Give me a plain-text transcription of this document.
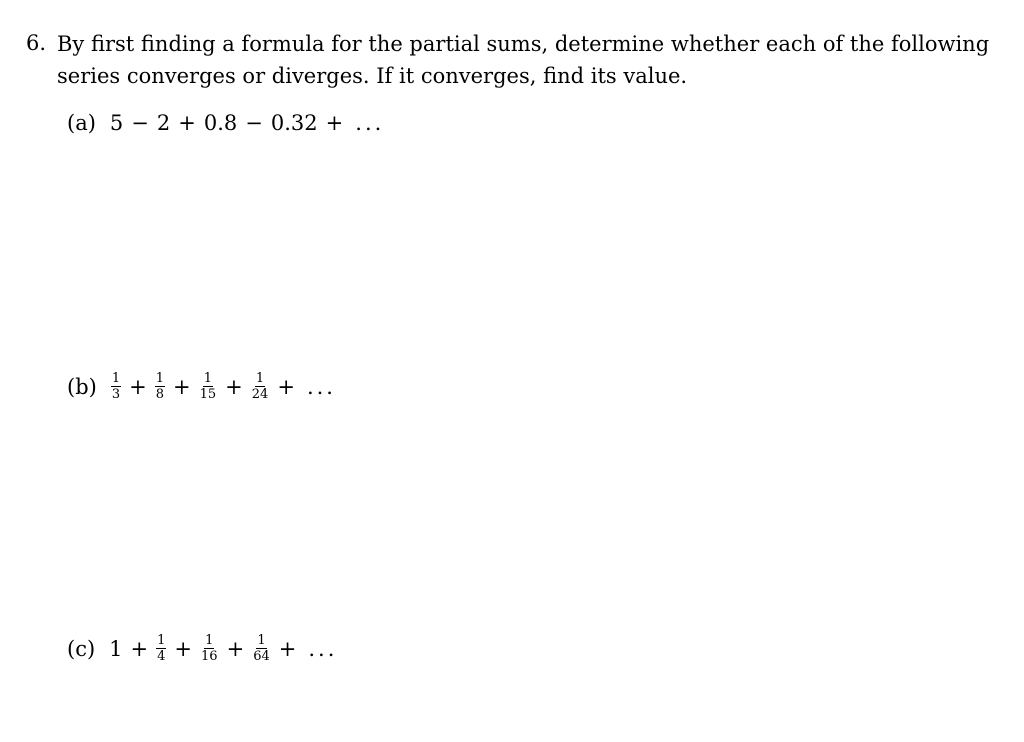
6. By first finding a formula for the partial sums, determine whether each of the following series converges or diverges. If it converges, find its value.
(a) 5 − 2 + 0.8 − 0.32 + ...
$(b) \frac{1}{3} + \frac{1}{8} + \frac{1}{15} + \frac{1}{24}$ + ...
(c) $1 + \frac{1}{4} + \frac{1}{16} + \frac{1}{64}$ + ...
